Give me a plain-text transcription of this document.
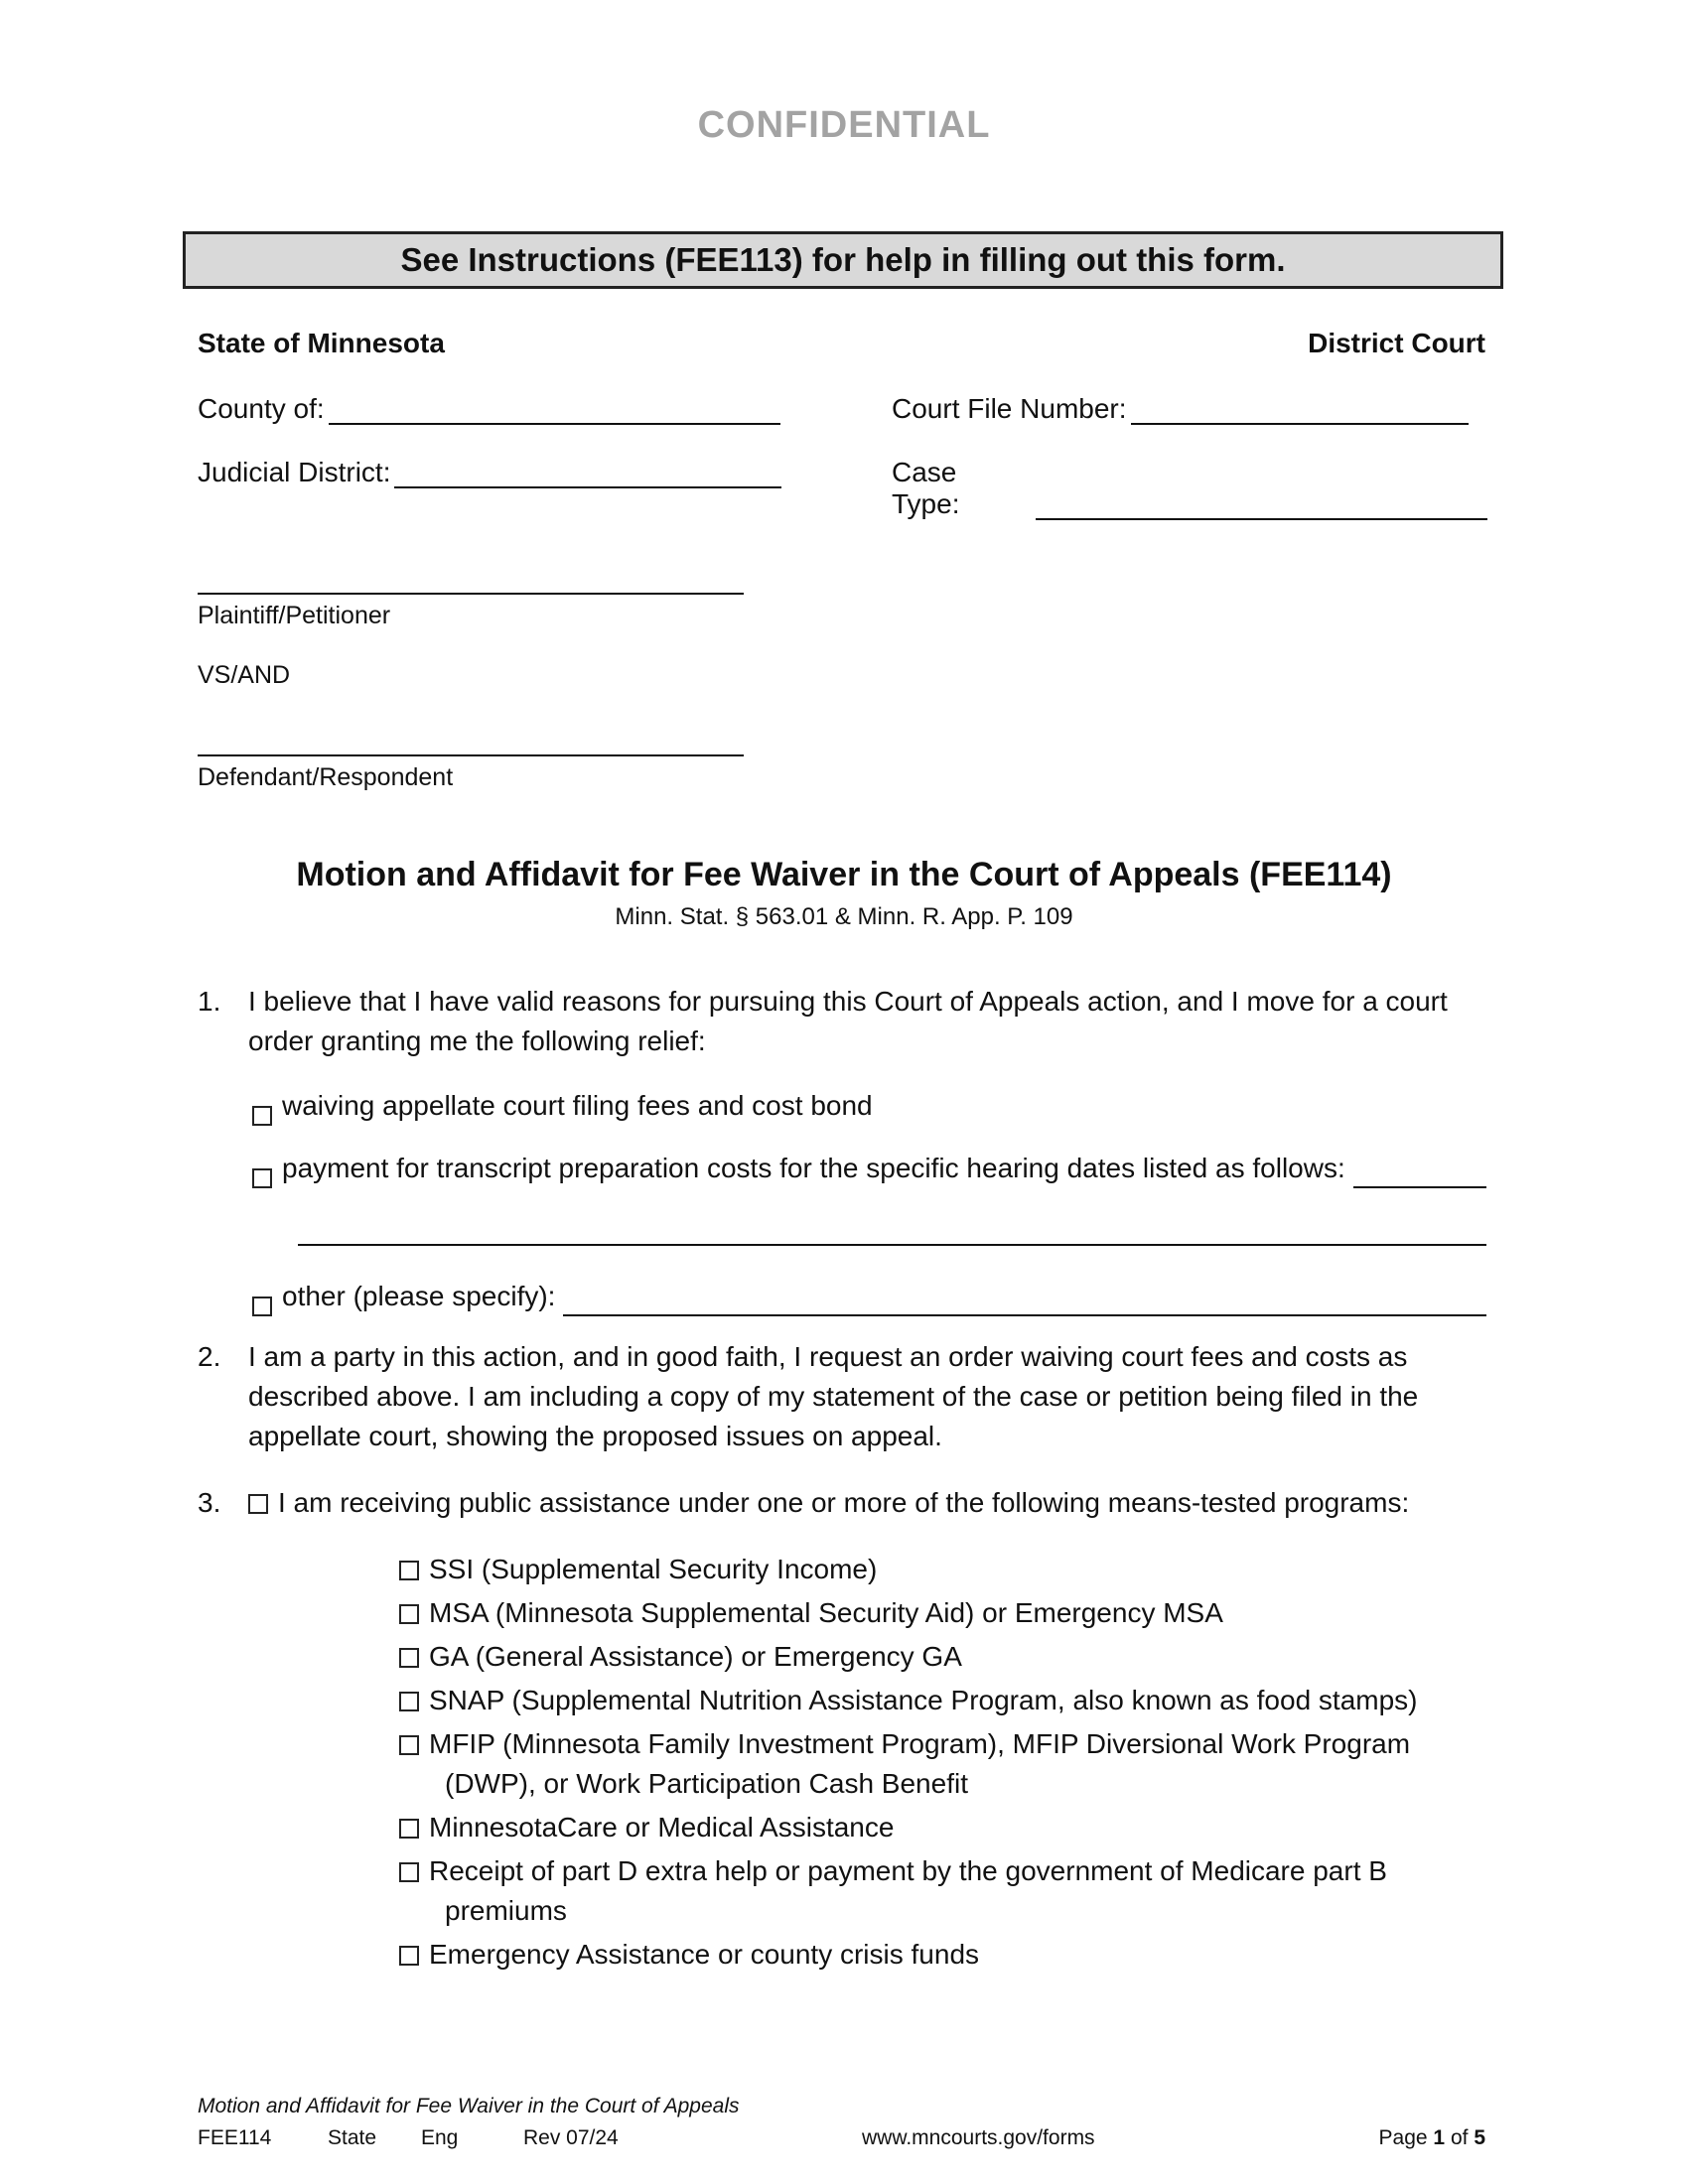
CONFIDENTIAL
See Instructions (FEE113) for help in filling out this form.
State of Minnesota	District Court
County of:	Court File Number:
Judicial District:	Case Type:
Plaintiff/Petitioner
VS/AND
Defendant/Respondent
Motion and Affidavit for Fee Waiver in the Court of Appeals (FEE114)
Minn. Stat. § 563.01 & Minn. R. App. P. 109
1. I believe that I have valid reasons for pursuing this Court of Appeals action, and I move for a court
order granting me the following relief:
waiving appellate court filing fees and cost bond
payment for transcript preparation costs for the specific hearing dates listed as follows:
other (please specify):
2. I am a party in this action, and in good faith, I request an order waiving court fees and costs as
described above. I am including a copy of my statement of the case or petition being filed in the
appellate court, showing the proposed issues on appeal.
3.	I am receiving public assistance under one or more of the following means-tested programs:
SSI (Supplemental Security Income)
MSA (Minnesota Supplemental Security Aid) or Emergency MSA
GA (General Assistance) or Emergency GA
SNAP (Supplemental Nutrition Assistance Program, also known as food stamps)
MFIP (Minnesota Family Investment Program), MFIP Diversional Work Program
(DWP), or Work Participation Cash Benefit
MinnesotaCare or Medical Assistance
Receipt of part D extra help or payment by the government of Medicare part B
premiums
Emergency Assistance or county crisis funds
Motion and Affidavit for Fee Waiver in the Court of Appeals
FEE114	State Eng	Rev 07/24	www.mncourts.gov/forms	Page 1 of 5
